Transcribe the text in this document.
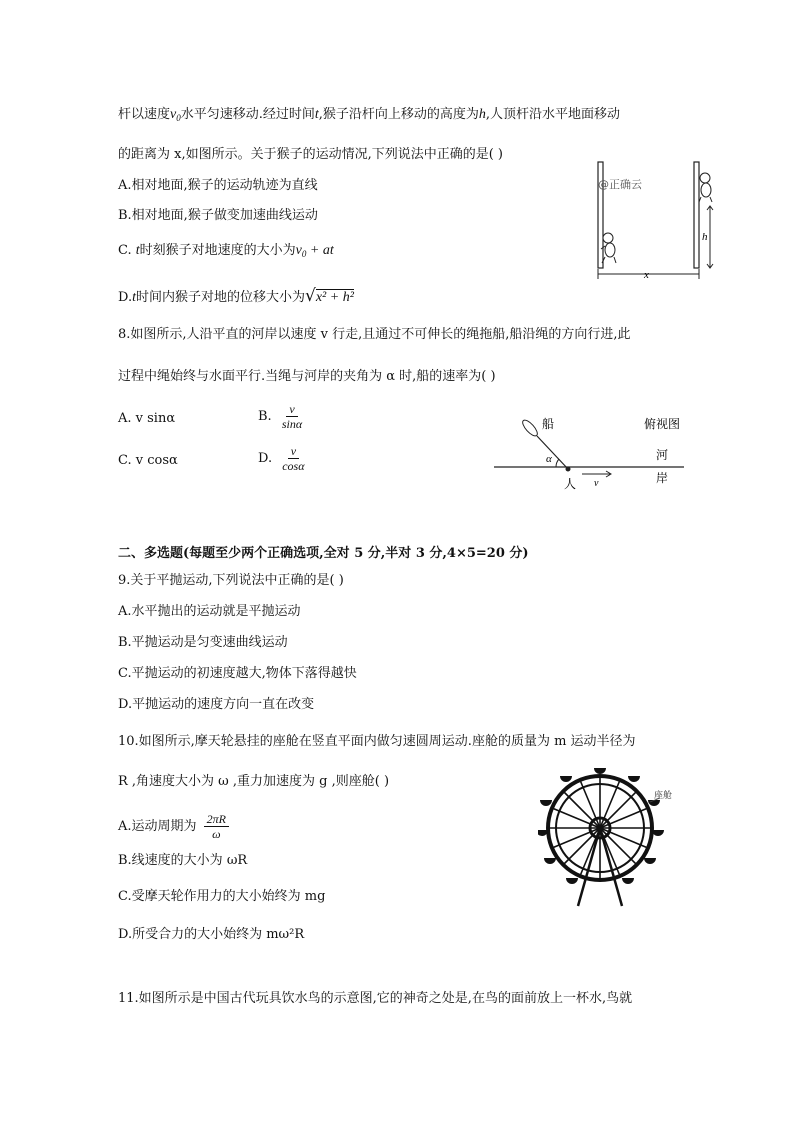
杆以速度$v_0$水平匀速移动.经过时间t,猴子沿杆向上移动的高度为h,人顶杆沿水平地面移动
的距离为 x,如图所示。关于猴子的运动情况,下列说法中正确的是( )
A.相对地面,猴子的运动轨迹为直线
B.相对地面,猴子做变加速曲线运动
C. t时刻猴子对地速度的大小为$v_0$ + at
D.t时间内猴子对地的位移大小为√x² + h²
@正确云
h
x
8.如图所示,人沿平直的河岸以速度 v 行走,且通过不可伸长的绳拖船,船沿绳的方向行进,此
过程中绳始终与水面平行.当绳与河岸的夹角为 α 时,船的速率为( )
A. v sinα	B. $\frac{v}{\sin\alpha}$
C. v cosα	D. $\frac{v}{\cos\alpha}$
船	俯视图
河
岸
α
人 v
二、多选题(每题至少两个正确选项,全对 5 分,半对 3 分,4×5=20 分)
9.关于平抛运动,下列说法中正确的是( )
A.水平抛出的运动就是平抛运动
B.平抛运动是匀变速曲线运动
C.平抛运动的初速度越大,物体下落得越快
D.平抛运动的速度方向一直在改变
10.如图所示,摩天轮悬挂的座舱在竖直平面内做匀速圆周运动.座舱的质量为 m 运动半径为
R ,角速度大小为 ω ,重力加速度为 g ,则座舱( )
A.运动周期为 $\frac{2\pi R}{\omega}$
B.线速度的大小为 ωR
C.受摩天轮作用力的大小始终为 mg
D.所受合力的大小始终为 mω²R
座舱
11.如图所示是中国古代玩具饮水鸟的示意图,它的神奇之处是,在鸟的面前放上一杯水,鸟就
